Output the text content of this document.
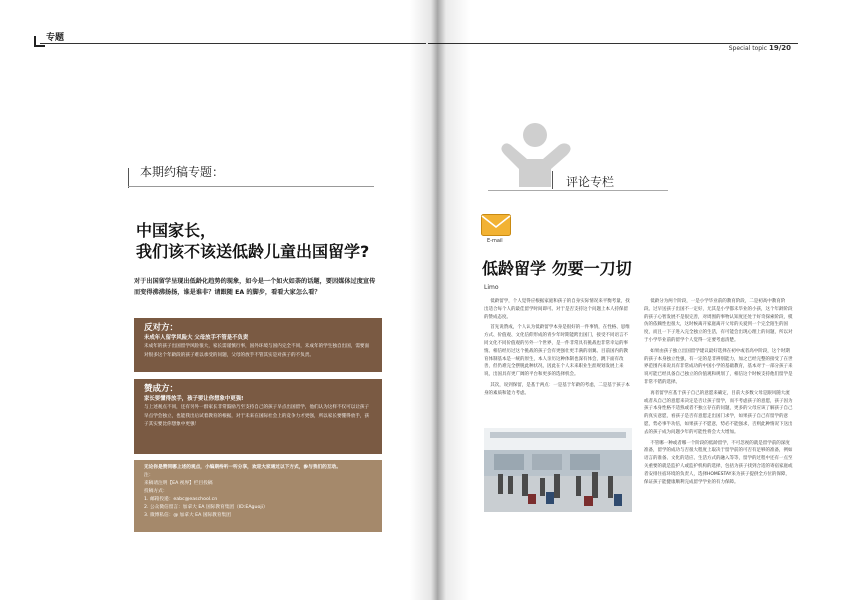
专题
Special topic 19/20
本期约稿专题：
中国家长，
我们该不该送低龄儿童出国留学?
对于出国留学呈现出低龄化趋势的现象，如今是一个如火如荼的话题，要因媒体过度宣传而变得沸沸扬扬，谁是谁非？请跟随 EA 的脚步，看看大家怎么看？
反对方：
未成年人留学风险大 父母放手不管是不负责
未成年的孩子出国留学风险很大，家长需谨慎行事，国外环境与国内完全不同，未成年的学生独自出国，需要面对很多这个年龄段的孩子难以承受的问题，父母的放手不管其实是对孩子的不负责。
赞成方：
家长要懂得放手，孩子要让你想象中更强!
与上述观点不同，还有另外一群家长非常鼓励乃至支持自己的孩子早点出国留学，他们认为这样不仅可以让孩子早点学会独立，也能我出后试着教育的根据，对于未来在国际社会上的竞争力才更强，所以家长要懂得放手，孩子其实要比你想象中更强！
无论你是赞同哪上述的观点，小编期待听一听分享，欢迎大家通过以下方式，参与我们的互动。
注：
来稿请注明【EA 视界】栏目投稿
投稿方式：
1. 邮箱投递：eabc@easchool.cn
2. 公众微信留言：加拿大 EA 国际教育集团（ID:EAguoji）
3. 微博私信：@ 加拿大 EA 国际教育集团
评论专栏
E-mail
低龄留学 勿要一刀切
Limo

低龄留学，个人觉得应根据家庭和孩子的自身实际情况来平衡考量，找出适合每个人的最佳留学时间即可。对于是否支持这个问题上本人持保留的赞成态度。

首先说赞成，个人认为低龄留学本身是很好的一件事情，在性格、思维方式、价值观、文化信仰形成的青少年时期能跨出国门，接受不同语言不同文化不同价值观的另外一个世界，是一件非常具有挑战也非常幸运的事情。相信经历过这个挑战的孩子会有更强壮更丰满的羽翼。目前国内的教育体制基本是一统的原生，本人亲历这种体制也深有体会，跳下面有改善，但仍难完全摆脱此种状况，因此在个人未来职业生涯规划发展上来说，出国具有更广阔的平台和更多的选择机会。

其次，说到保留，是基于两点：一是基于年龄的考虑，二是基于孩子本身的素质和能力考虑。

低龄分为两个阶段，一是小学毕业前的教育阶段，二是初高中教育阶段。过早送孩子出国不一定好，尤其是小学都未毕业的小孩，这个年龄阶段的孩子心智发展不是很完善，对周围的事物认知度还处于好奇探索阶段，模仿的依赖性也很大，这时候离开家庭离开父母的关爱到一个完全陌生的国度，而且一下子进入完全独立的生活，有可能会出现心理上的问题，所以对于小学毕业前的留学个人觉得一定要考虑清楚。

如果由孩子独立出国留学建议最好选择在初中或者高中阶段，这个时期的孩子本身独立性强，有一定的是非辨别能力，加之已经完整的接受了在世界范围内来说具有非常成功的中国小学的基础教育，基本对于一部分孩子来说可能已经具备自己独立的价值观和规划了，相信这个时候支持他们留学是非常不错的选择。

再者留学应基于孩子自己的意愿来确定，目前大多数父母是跟风随大流或者从自己的意愿来决定是否让孩子留学，而不考虑孩子的意愿，孩子因为孩子本身性格不适熟或者不独立存在的问题，更多的父母应该了解孩子自己的真实意愿，看孩子是否有意愿走出国门求学，如果孩子自己有留学的意愿，势必事半功倍，如果孩子不愿意，势必不能强求，否则此种情况下送出去的孩子成为问题少年的可能性将会大大增加。

不管哪一种或者哪一个阶段的低龄留学，不可忽视的就是留学前的深度准备，留学的成功与否很大程度上取决于留学前的可否有足够的准备，例如语言的准备、文化的适应、生活方式的融入等等，留学的过程中还有一点至关重要的就是监护人或监护机构的选择，包括为孩子找到合适的寄宿家庭或者安排住宿环境的负责人，选择HOMESTAY来为孩子提供全方位的保障，保证孩子能健康顺利完成留学学业的有力保障。
